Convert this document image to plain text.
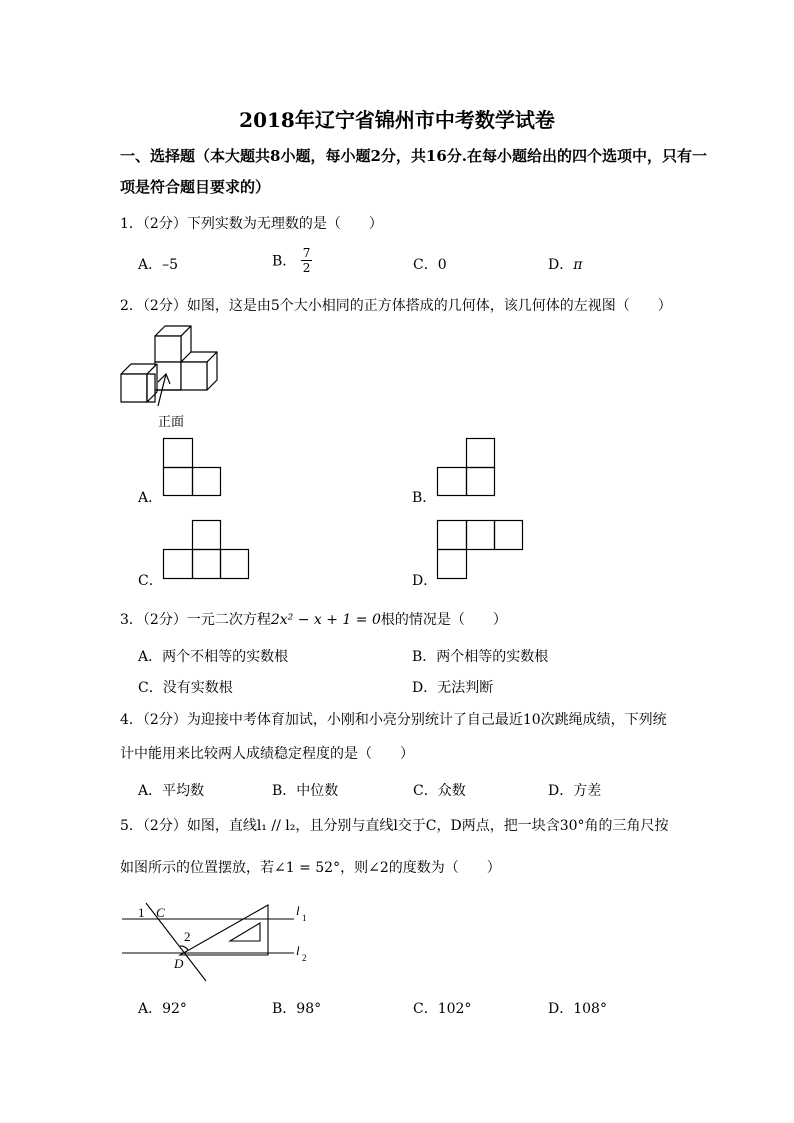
2018年辽宁省锦州市中考数学试卷
一、选择题（本大题共8小题，每小题2分，共16分.在每小题给出的四个选项中，只有一
项是符合题目要求的）
1．（2分）下列实数为无理数的是（　　）
A．–5	B． $\frac{7}{2}$	C．0	D．π
2．（2分）如图，这是由5个大小相同的正方体搭成的几何体，该几何体的左视图（　　）
正面
A．	B．
C．	D．
3．（2分）一元二次方程2x² − x + 1 = 0根的情况是（　　）
A．两个不相等的实数根	B．两个相等的实数根
C．没有实数根	D．无法判断
4．（2分）为迎接中考体育加试，小刚和小亮分别统计了自己最近10次跳绳成绩，下列统
计中能用来比较两人成绩稳定程度的是（　　）
A．平均数	B．中位数	C．众数	D．方差
5．（2分）如图，直线l₁ // l₂，且分别与直线l交于C，D两点，把一块含30°角的三角尺按
如图所示的位置摆放，若∠1 = 52°，则∠2的度数为（　　）
1 C
2
D
l 1
l 2
A．92°	B．98°	C．102°	D．108°
